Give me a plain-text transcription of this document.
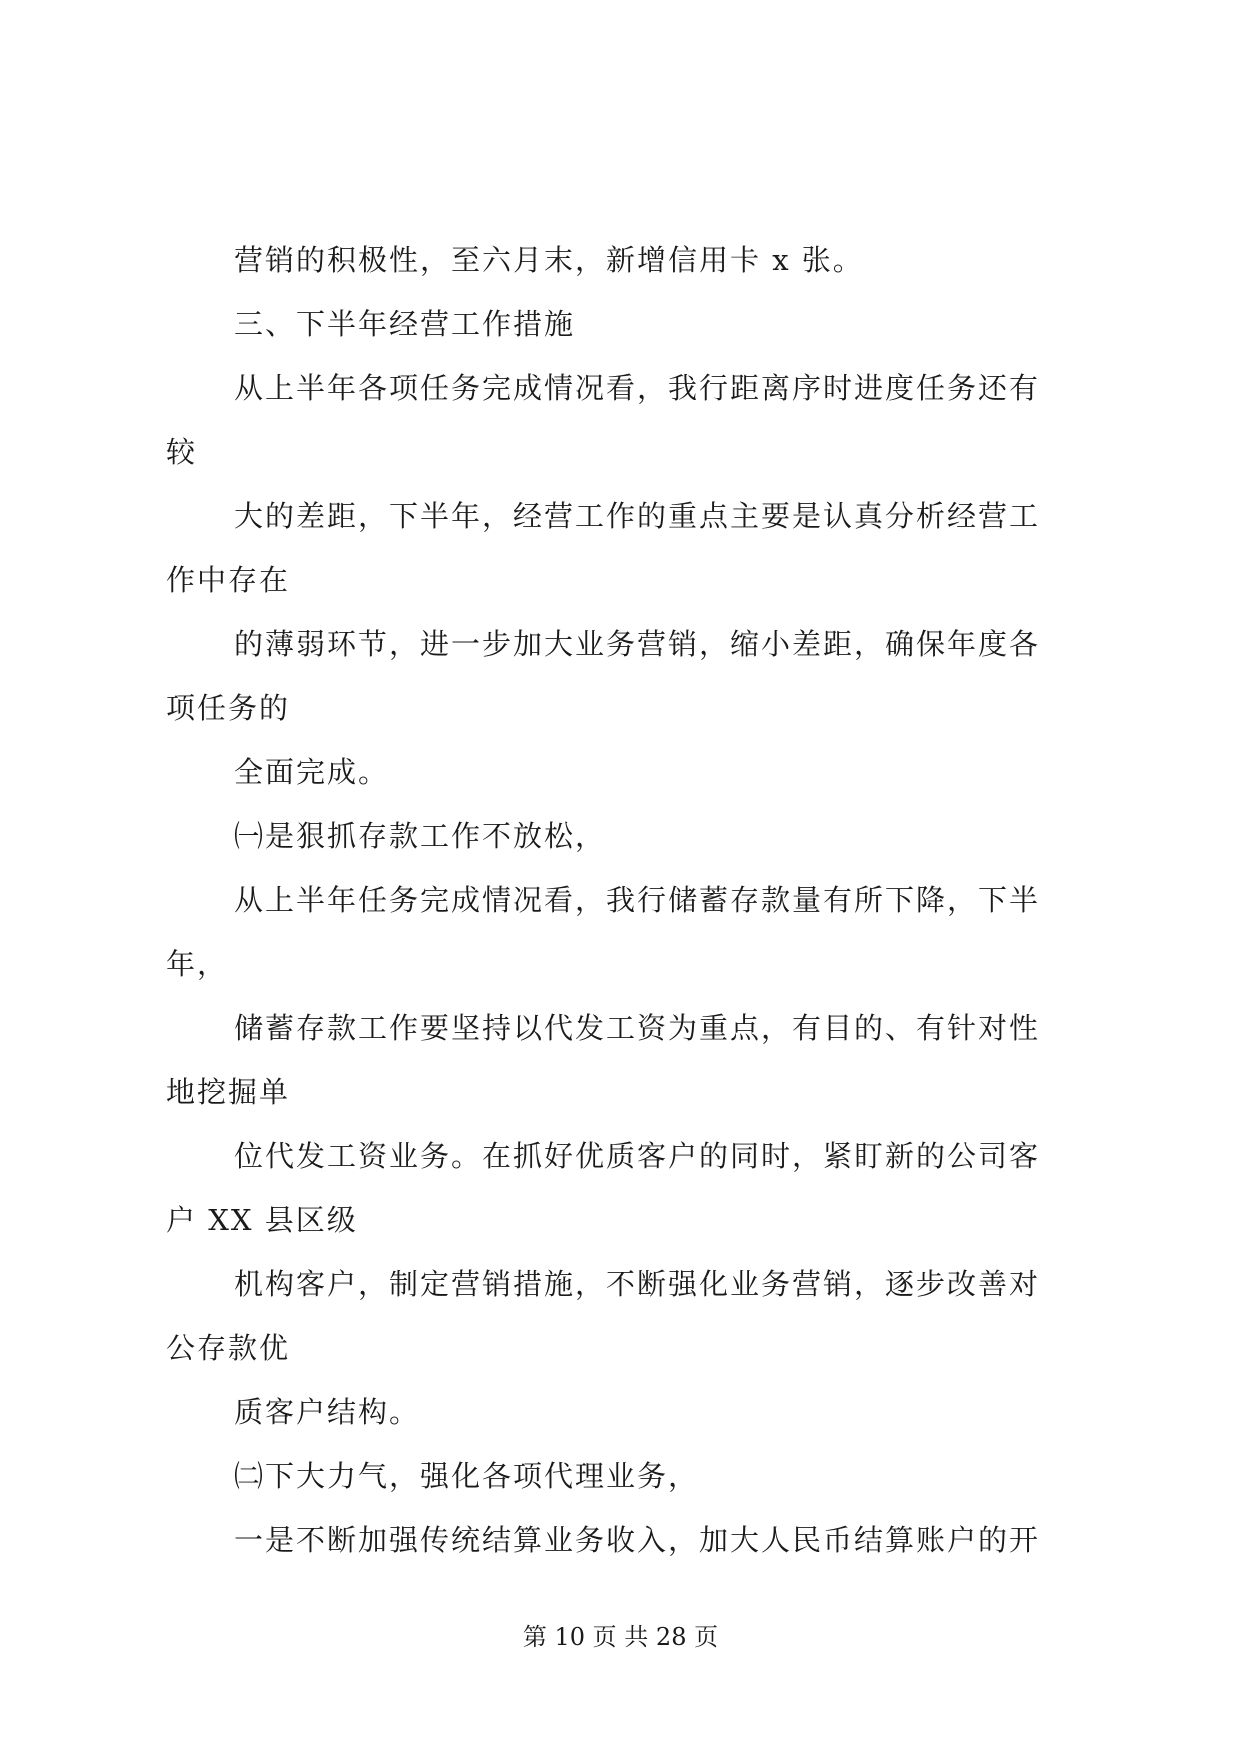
营销的积极性，至六月末，新增信用卡 x 张。
三、下半年经营工作措施
从上半年各项任务完成情况看，我行距离序时进度任务还有
较
大的差距，下半年，经营工作的重点主要是认真分析经营工
作中存在
的薄弱环节，进一步加大业务营销，缩小差距，确保年度各
项任务的
全面完成。
㈠是狠抓存款工作不放松，
从上半年任务完成情况看，我行储蓄存款量有所下降，下半
年，
储蓄存款工作要坚持以代发工资为重点，有目的、有针对性
地挖掘单
位代发工资业务。在抓好优质客户的同时，紧盯新的公司客
户 XX 县区级
机构客户，制定营销措施，不断强化业务营销，逐步改善对
公存款优
质客户结构。
㈡下大力气，强化各项代理业务，
一是不断加强传统结算业务收入，加大人民币结算账户的开
第 10 页 共 28 页
